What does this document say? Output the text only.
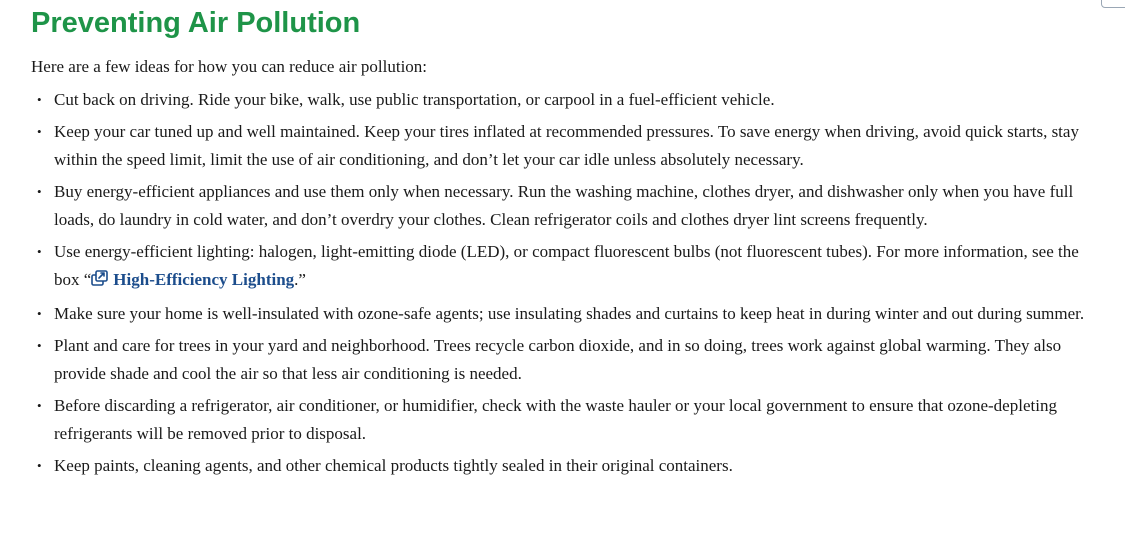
Preventing Air Pollution

Here are a few ideas for how you can reduce air pollution:

• Cut back on driving. Ride your bike, walk, use public transportation, or carpool in a fuel-efficient vehicle.
• Keep your car tuned up and well maintained. Keep your tires inflated at recommended pressures. To save energy when driving, avoid quick starts, stay within the speed limit, limit the use of air conditioning, and don’t let your car idle unless absolutely necessary.
• Buy energy-efficient appliances and use them only when necessary. Run the washing machine, clothes dryer, and dishwasher only when you have full loads, do laundry in cold water, and don’t overdry your clothes. Clean refrigerator coils and clothes dryer lint screens frequently.
• Use energy-efficient lighting: halogen, light-emitting diode (LED), or compact fluorescent bulbs (not fluorescent tubes). For more information, see the box “ High-Efficiency Lighting.”
• Make sure your home is well-insulated with ozone-safe agents; use insulating shades and curtains to keep heat in during winter and out during summer.
• Plant and care for trees in your yard and neighborhood. Trees recycle carbon dioxide, and in so doing, trees work against global warming. They also provide shade and cool the air so that less air conditioning is needed.
• Before discarding a refrigerator, air conditioner, or humidifier, check with the waste hauler or your local government to ensure that ozone-depleting refrigerants will be removed prior to disposal.
• Keep paints, cleaning agents, and other chemical products tightly sealed in their original containers.
